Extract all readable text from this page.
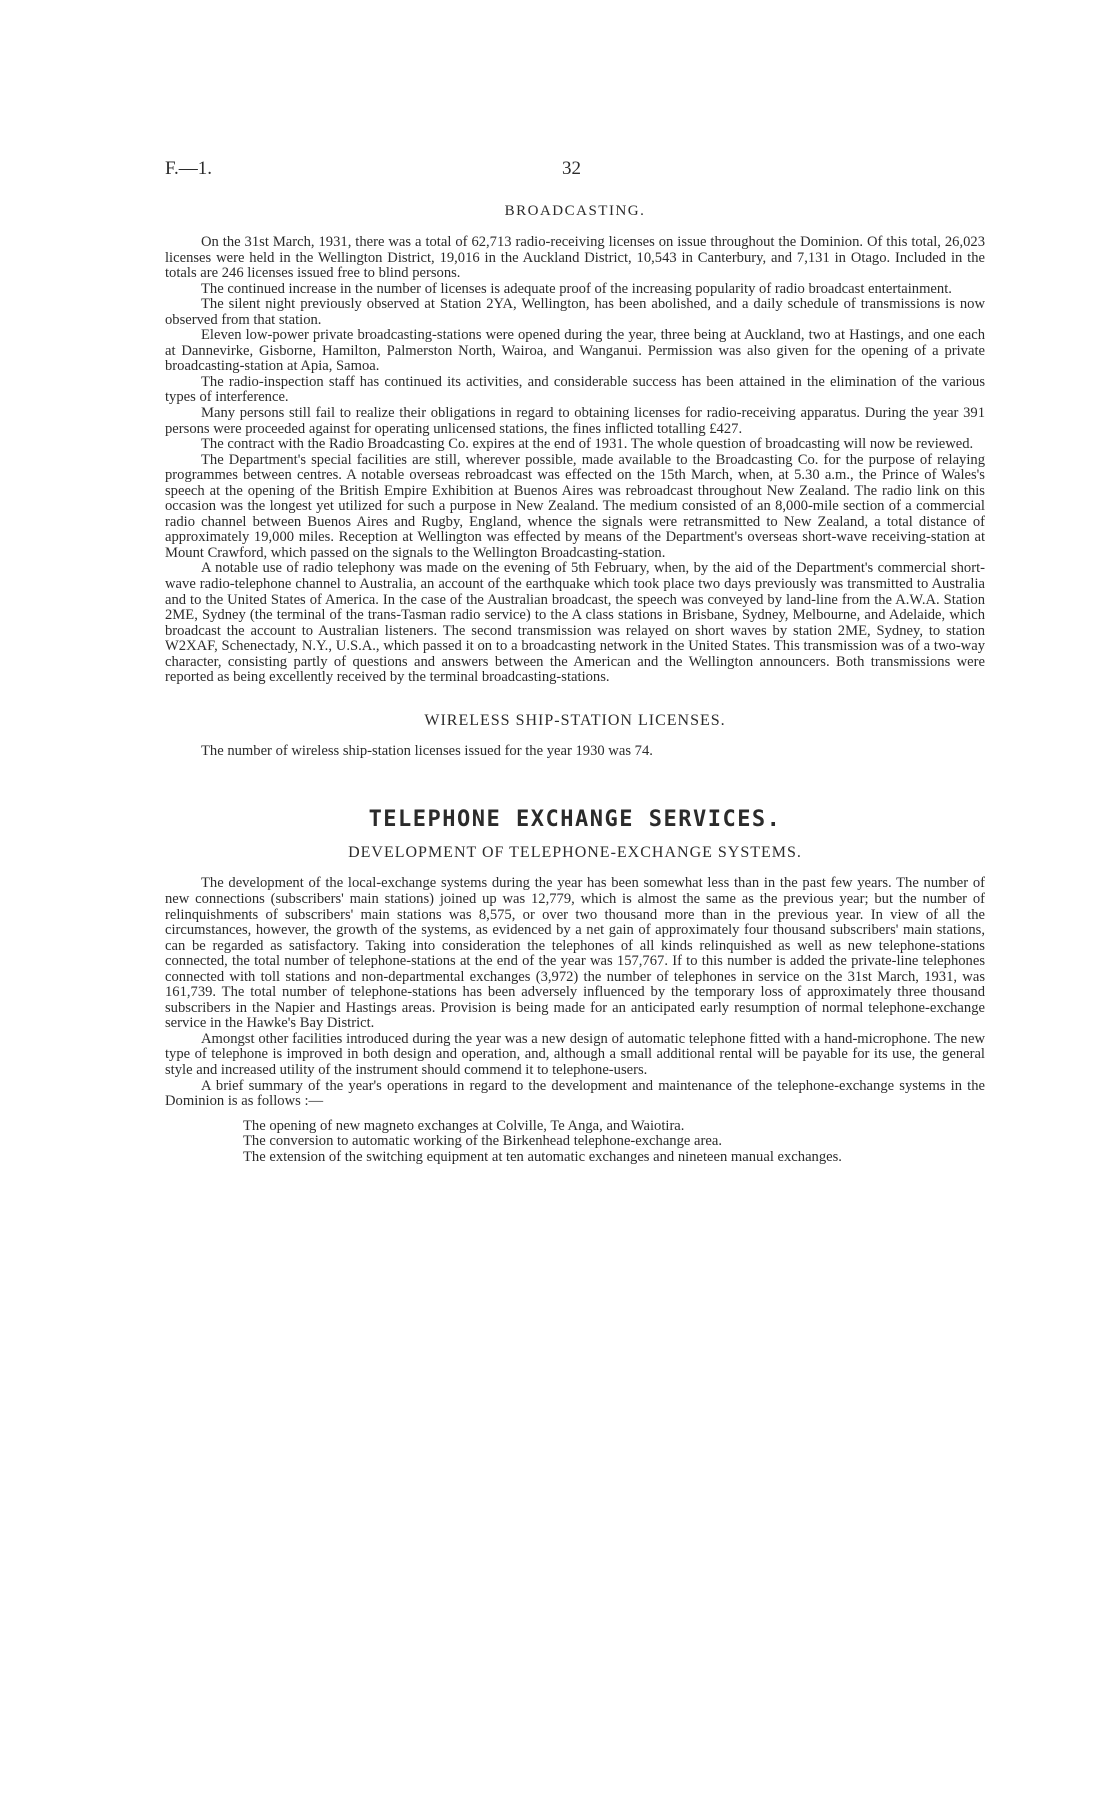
F.—1.	32
BROADCASTING.

On the 31st March, 1931, there was a total of 62,713 radio-receiving licenses on issue throughout the Dominion. Of this total, 26,023 licenses were held in the Wellington District, 19,016 in the Auckland District, 10,543 in Canterbury, and 7,131 in Otago. Included in the totals are 246 licenses issued free to blind persons.

The continued increase in the number of licenses is adequate proof of the increasing popularity of radio broadcast entertainment.

The silent night previously observed at Station 2YA, Wellington, has been abolished, and a daily schedule of transmissions is now observed from that station.

Eleven low-power private broadcasting-stations were opened during the year, three being at Auckland, two at Hastings, and one each at Dannevirke, Gisborne, Hamilton, Palmerston North, Wairoa, and Wanganui. Permission was also given for the opening of a private broadcasting-station at Apia, Samoa.

The radio-inspection staff has continued its activities, and considerable success has been attained in the elimination of the various types of interference.

Many persons still fail to realize their obligations in regard to obtaining licenses for radio-receiving apparatus. During the year 391 persons were proceeded against for operating unlicensed stations, the fines inflicted totalling £427.

The contract with the Radio Broadcasting Co. expires at the end of 1931. The whole question of broadcasting will now be reviewed.

The Department's special facilities are still, wherever possible, made available to the Broadcasting Co. for the purpose of relaying programmes between centres. A notable overseas rebroadcast was effected on the 15th March, when, at 5.30 a.m., the Prince of Wales's speech at the opening of the British Empire Exhibition at Buenos Aires was rebroadcast throughout New Zealand. The radio link on this occasion was the longest yet utilized for such a purpose in New Zealand. The medium consisted of an 8,000-mile section of a commercial radio channel between Buenos Aires and Rugby, England, whence the signals were retransmitted to New Zealand, a total distance of approximately 19,000 miles. Reception at Wellington was effected by means of the Department's overseas short-wave receiving-station at Mount Crawford, which passed on the signals to the Wellington Broadcasting-station.

A notable use of radio telephony was made on the evening of 5th February, when, by the aid of the Department's commercial short-wave radio-telephone channel to Australia, an account of the earthquake which took place two days previously was transmitted to Australia and to the United States of America. In the case of the Australian broadcast, the speech was conveyed by land-line from the A.W.A. Station 2ME, Sydney (the terminal of the trans-Tasman radio service) to the A class stations in Brisbane, Sydney, Melbourne, and Adelaide, which broadcast the account to Australian listeners. The second transmission was relayed on short waves by station 2ME, Sydney, to station W2XAF, Schenectady, N.Y., U.S.A., which passed it on to a broadcasting network in the United States. This transmission was of a two-way character, consisting partly of questions and answers between the American and the Wellington announcers. Both transmissions were reported as being excellently received by the terminal broadcasting-stations.

WIRELESS SHIP-STATION LICENSES.

The number of wireless ship-station licenses issued for the year 1930 was 74.

TELEPHONE EXCHANGE SERVICES.
DEVELOPMENT OF TELEPHONE-EXCHANGE SYSTEMS.

The development of the local-exchange systems during the year has been somewhat less than in the past few years. The number of new connections (subscribers' main stations) joined up was 12,779, which is almost the same as the previous year; but the number of relinquishments of subscribers' main stations was 8,575, or over two thousand more than in the previous year. In view of all the circumstances, however, the growth of the systems, as evidenced by a net gain of approximately four thousand subscribers' main stations, can be regarded as satisfactory. Taking into consideration the telephones of all kinds relinquished as well as new telephone-stations connected, the total number of telephone-stations at the end of the year was 157,767. If to this number is added the private-line telephones connected with toll stations and non-departmental exchanges (3,972) the number of telephones in service on the 31st March, 1931, was 161,739. The total number of telephone-stations has been adversely influenced by the temporary loss of approximately three thousand subscribers in the Napier and Hastings areas. Provision is being made for an anticipated early resumption of normal telephone-exchange service in the Hawke's Bay District.

Amongst other facilities introduced during the year was a new design of automatic telephone fitted with a hand-microphone. The new type of telephone is improved in both design and operation, and, although a small additional rental will be payable for its use, the general style and increased utility of the instrument should commend it to telephone-users.

A brief summary of the year's operations in regard to the development and maintenance of the telephone-exchange systems in the Dominion is as follows :—

The opening of new magneto exchanges at Colville, Te Anga, and Waiotira.
The conversion to automatic working of the Birkenhead telephone-exchange area.
The extension of the switching equipment at ten automatic exchanges and nineteen manual exchanges.
